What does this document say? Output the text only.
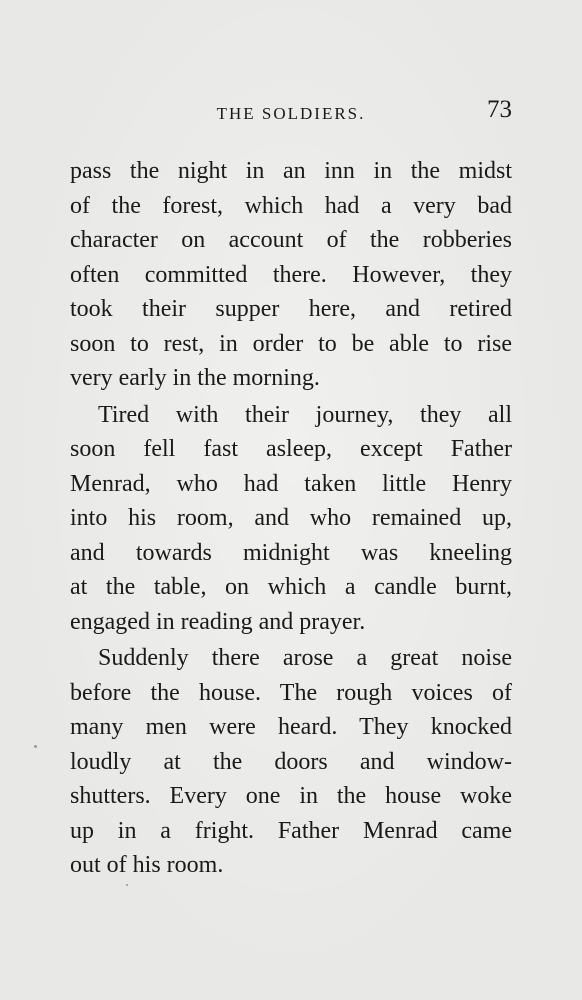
THE SOLDIERS.	73
pass the night in an inn in the midst
of the forest, which had a very bad
character on account of the robberies
often committed there. However, they
took their supper here, and retired
soon to rest, in order to be able to rise
very early in the morning.
Tired with their journey, they all
soon fell fast asleep, except Father
Menrad, who had taken little Henry
into his room, and who remained up,
and towards midnight was kneeling
at the table, on which a candle burnt,
engaged in reading and prayer.
Suddenly there arose a great noise
before the house. The rough voices of
many men were heard. They knocked
loudly at the doors and window-
shutters. Every one in the house woke
up in a fright. Father Menrad came
out of his room.
